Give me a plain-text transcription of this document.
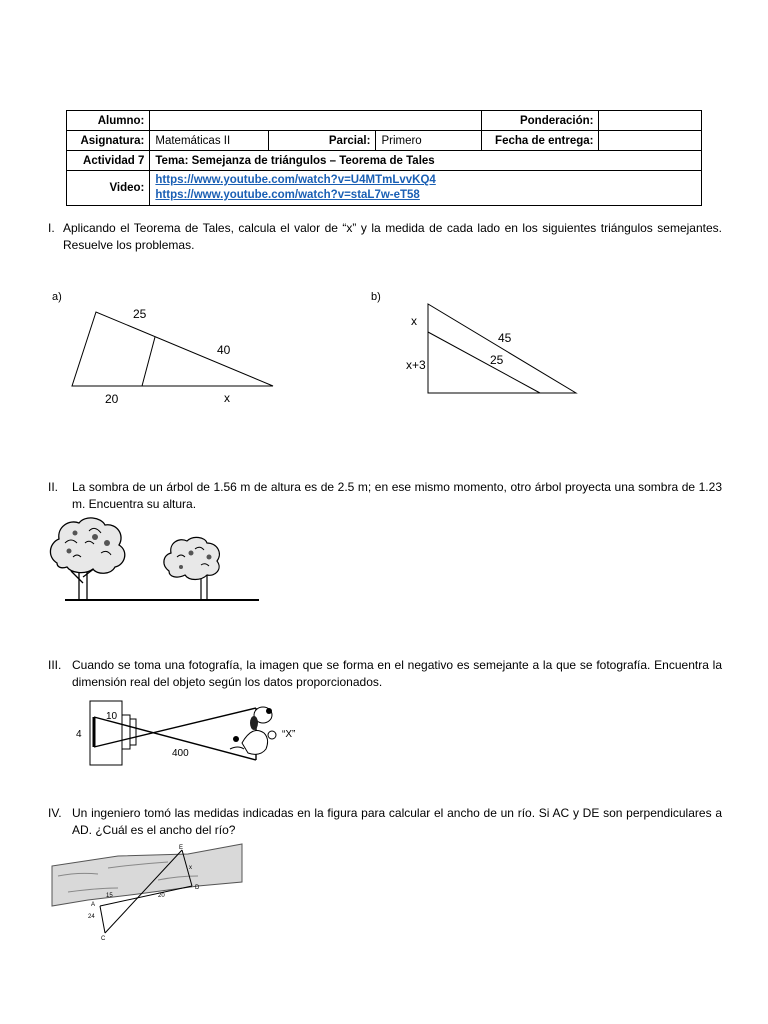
Alumno:				Ponderación:	
Asignatura:	Matemáticas II	Parcial:	Primero	Fecha de entrega:	
Actividad 7	Tema: Semejanza de triángulos – Teorema de Tales				
Video:	https://www.youtube.com/watch?v=U4MTmLvvKQ4
https://www.youtube.com/watch?v=staL7w-eT58				
I. Aplicando el Teorema de Tales, calcula el valor de “x” y la medida de cada lado en los siguientes triángulos semejantes. Resuelve los problemas.
a)
25
40
20	x
b)
x
x+3
45
25
II.	La sombra de un árbol de 1.56 m de altura es de 2.5 m; en ese mismo momento, otro árbol proyecta una sombra de 1.23 m. Encuentra su altura.
III. Cuando se toma una fotografía, la imagen que se forma en el negativo es semejante a la que se fotografía. Encuentra la dimensión real del objeto según los datos proporcionados.
10
4
400
“X”
IV. Un ingeniero tomó las medidas indicadas en la figura para calcular el ancho de un río. Si AC y DE son perpendiculares a AD. ¿Cuál es el ancho del río?
E
D
A
C
x
15	20
24
